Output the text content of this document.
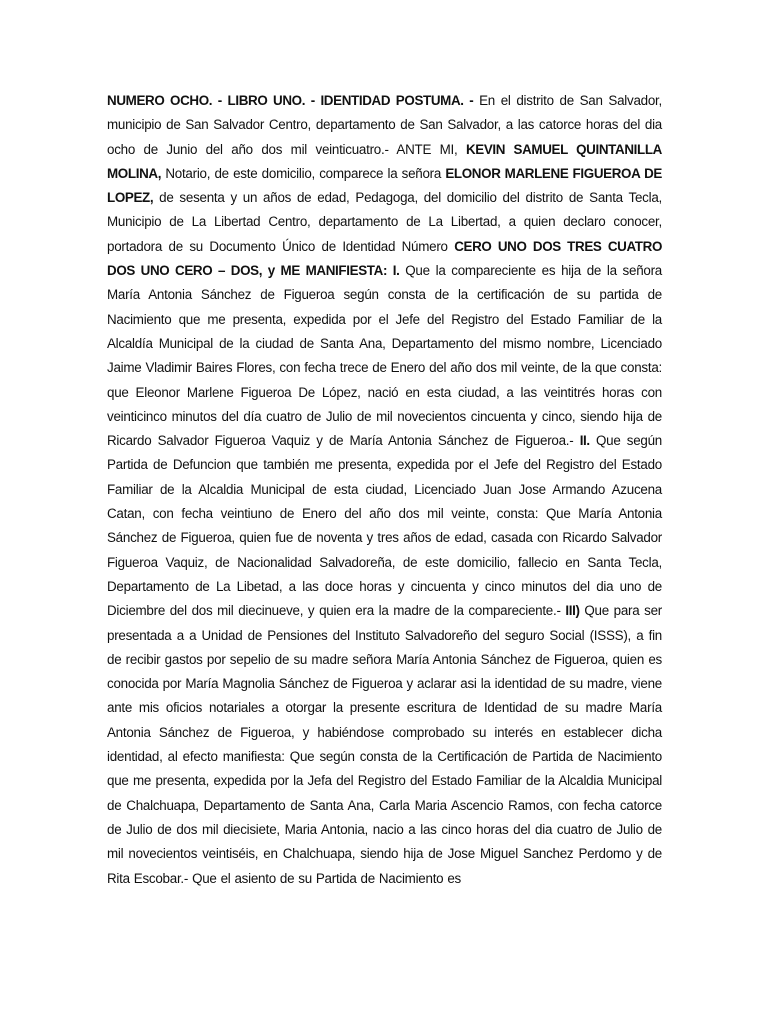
NUMERO OCHO. - LIBRO UNO. - IDENTIDAD POSTUMA. - En el distrito de San Salvador, municipio de San Salvador Centro, departamento de San Salvador, a las catorce horas del dia ocho de Junio del año dos mil veinticuatro.- ANTE MI, KEVIN SAMUEL QUINTANILLA MOLINA, Notario, de este domicilio, comparece la señora ELONOR MARLENE FIGUEROA DE LOPEZ, de sesenta y un años de edad, Pedagoga, del domicilio del distrito de Santa Tecla, Municipio de La Libertad Centro, departamento de La Libertad, a quien declaro conocer, portadora de su Documento Único de Identidad Número CERO UNO DOS TRES CUATRO DOS UNO CERO – DOS, y ME MANIFIESTA: I. Que la compareciente es hija de la señora María Antonia Sánchez de Figueroa según consta de la certificación de su partida de Nacimiento que me presenta, expedida por el Jefe del Registro del Estado Familiar de la Alcaldía Municipal de la ciudad de Santa Ana, Departamento del mismo nombre, Licenciado Jaime Vladimir Baires Flores, con fecha trece de Enero del año dos mil veinte, de la que consta: que Eleonor Marlene Figueroa De López, nació en esta ciudad, a las veintitrés horas con veinticinco minutos del día cuatro de Julio de mil novecientos cincuenta y cinco, siendo hija de Ricardo Salvador Figueroa Vaquiz y de María Antonia Sánchez de Figueroa.- II. Que según Partida de Defuncion que también me presenta, expedida por el Jefe del Registro del Estado Familiar de la Alcaldia Municipal de esta ciudad, Licenciado Juan Jose Armando Azucena Catan, con fecha veintiuno de Enero del año dos mil veinte, consta: Que María Antonia Sánchez de Figueroa, quien fue de noventa y tres años de edad, casada con Ricardo Salvador Figueroa Vaquiz, de Nacionalidad Salvadoreña, de este domicilio, fallecio en Santa Tecla, Departamento de La Libetad, a las doce horas y cincuenta y cinco minutos del dia uno de Diciembre del dos mil diecinueve, y quien era la madre de la compareciente.- III) Que para ser presentada a a Unidad de Pensiones del Instituto Salvadoreño del seguro Social (ISSS), a fin de recibir gastos por sepelio de su madre señora María Antonia Sánchez de Figueroa, quien es conocida por María Magnolia Sánchez de Figueroa y aclarar asi la identidad de su madre, viene ante mis oficios notariales a otorgar la presente escritura de Identidad de su madre María Antonia Sánchez de Figueroa, y habiéndose comprobado su interés en establecer dicha identidad, al efecto manifiesta: Que según consta de la Certificación de Partida de Nacimiento que me presenta, expedida por la Jefa del Registro del Estado Familiar de la Alcaldia Municipal de Chalchuapa, Departamento de Santa Ana, Carla Maria Ascencio Ramos, con fecha catorce de Julio de dos mil diecisiete, Maria Antonia, nacio a las cinco horas del dia cuatro de Julio de mil novecientos veintiséis, en Chalchuapa, siendo hija de Jose Miguel Sanchez Perdomo y de Rita Escobar.- Que el asiento de su Partida de Nacimiento es
